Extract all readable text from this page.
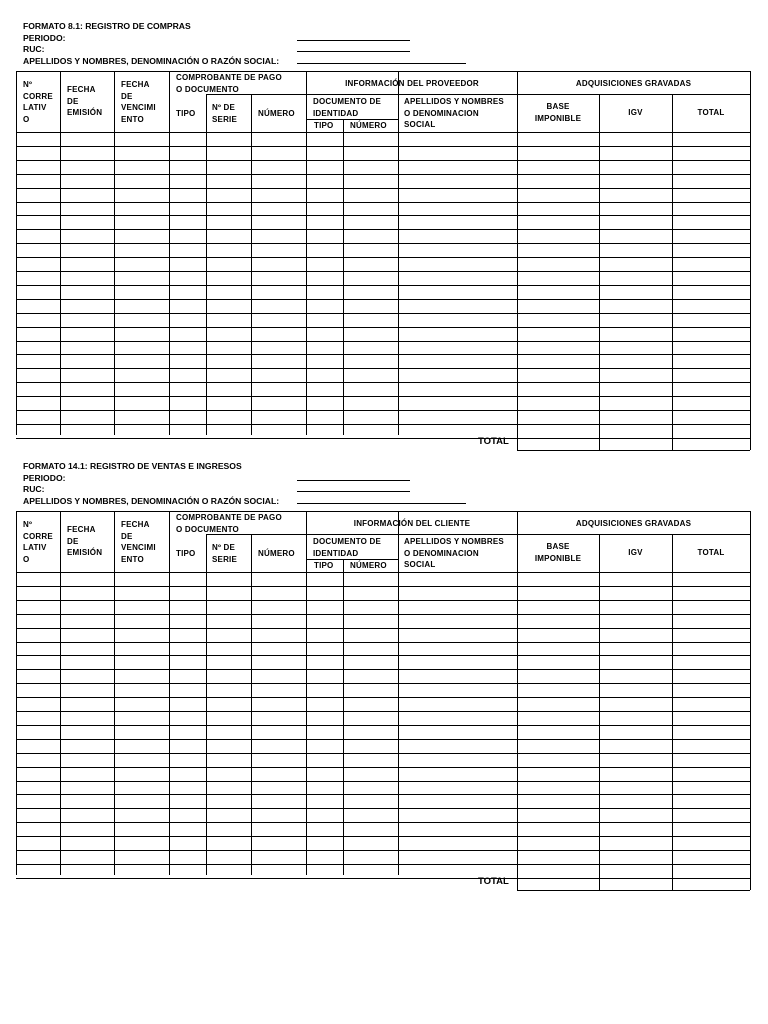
FORMATO 8.1: REGISTRO DE COMPRAS
PERIODO:
RUC:
APELLIDOS Y NOMBRES, DENOMINACIÓN O RAZÓN SOCIAL:
Nº
CORRE
LATIV
O
FECHA
DE
EMISIÓN
FECHA
DE
VENCIMI
ENTO
COMPROBANTE DE PAGO
O DOCUMENTO
TIPO
Nº DE
SERIE
NÚMERO
INFORMACIÓN DEL PROVEEDOR
DOCUMENTO DE
IDENTIDAD
TIPO NÚMERO
APELLIDOS Y NOMBRES
O DENOMINACION
SOCIAL
ADQUISICIONES GRAVADAS
BASE
IMPONIBLE
IGV	TOTAL
TOTAL
FORMATO 14.1: REGISTRO DE VENTAS E INGRESOS
PERIODO:
RUC:
APELLIDOS Y NOMBRES, DENOMINACIÓN O RAZÓN SOCIAL:
Nº
CORRE
LATIV
O
FECHA
DE
EMISIÓN
FECHA
DE
VENCIMI
ENTO
COMPROBANTE DE PAGO
O DOCUMENTO
TIPO
Nº DE
SERIE
NÚMERO
INFORMACIÓN DEL CLIENTE
DOCUMENTO DE
IDENTIDAD
TIPO NÚMERO
APELLIDOS Y NOMBRES
O DENOMINACION
SOCIAL
ADQUISICIONES GRAVADAS
BASE
IMPONIBLE
IGV	TOTAL
TOTAL
